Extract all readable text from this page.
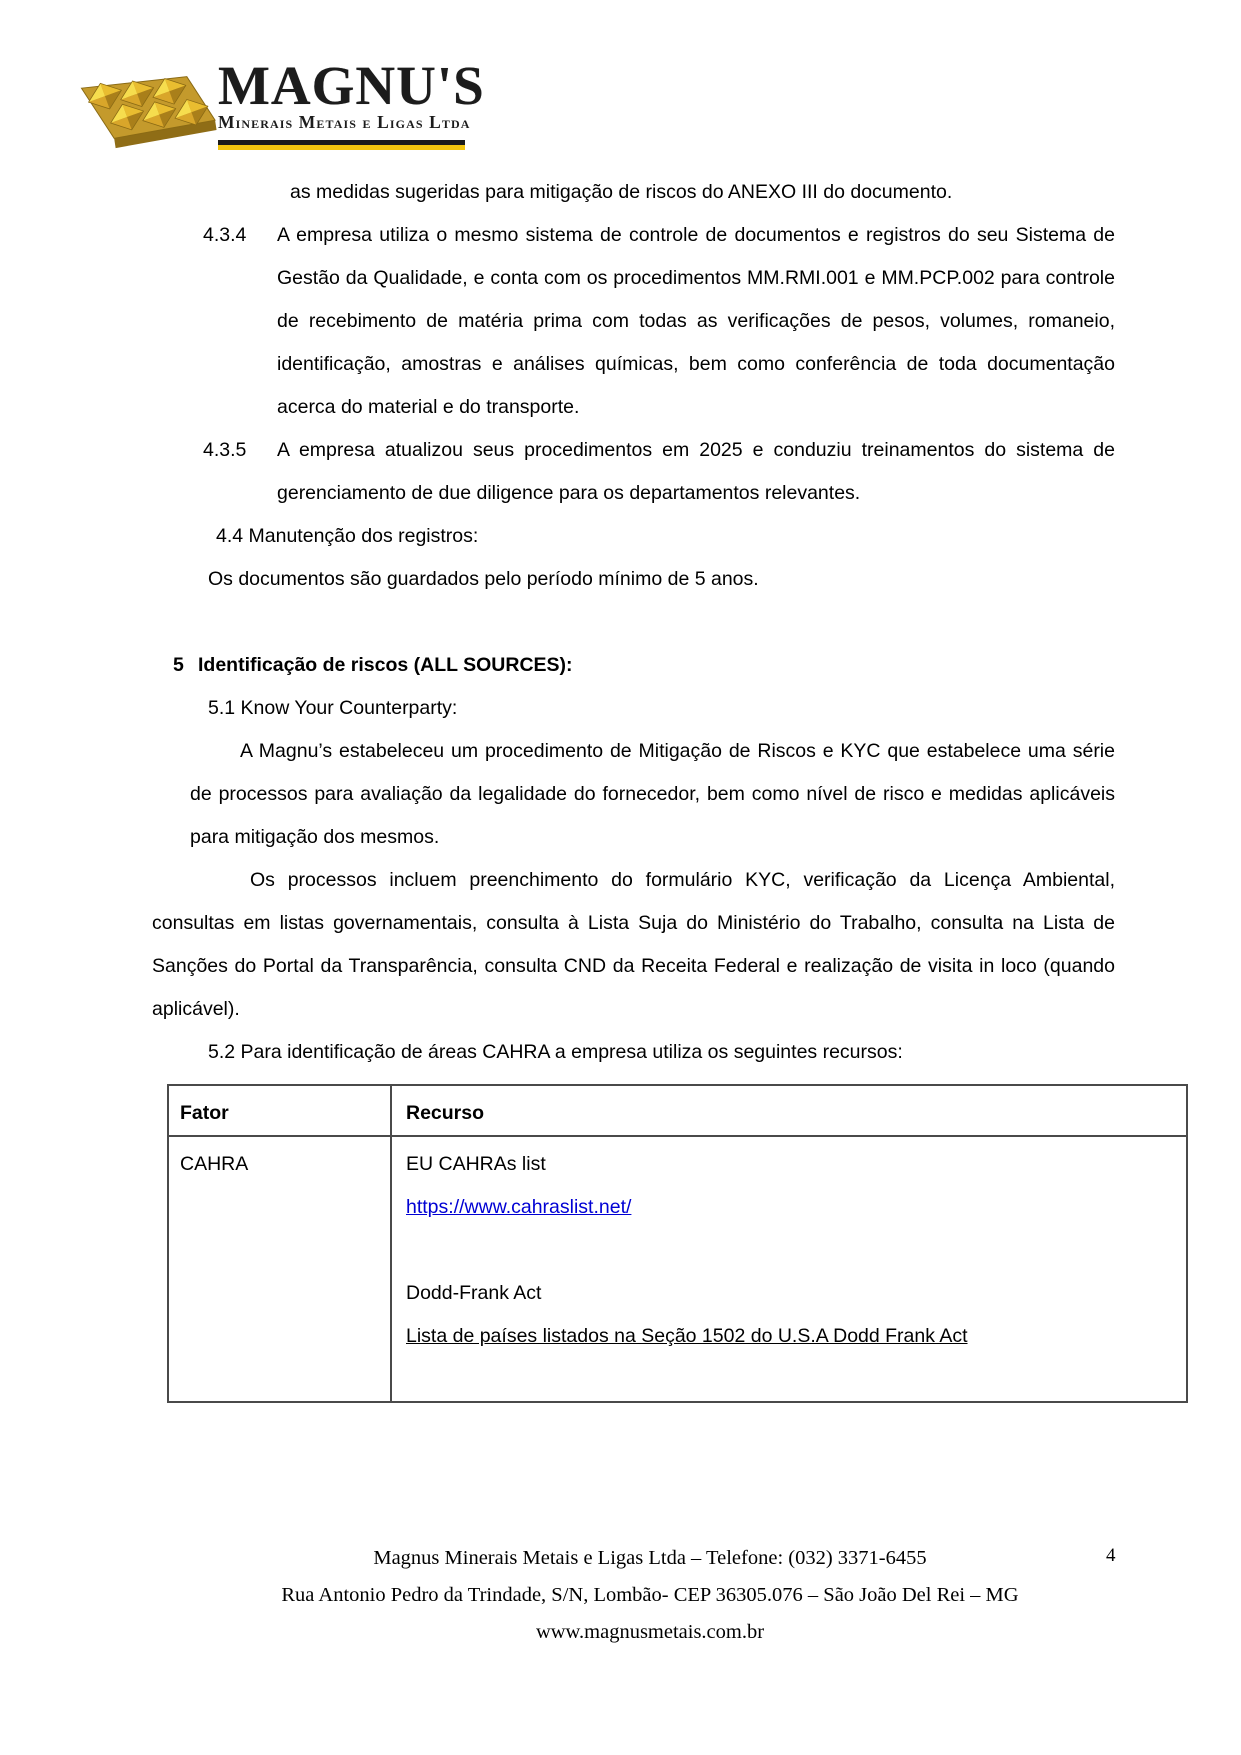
MAGNU'S
Minerais Metais e Ligas Ltda
as medidas sugeridas para mitigação de riscos do ANEXO III do documento.
4.3.4 A empresa utiliza o mesmo sistema de controle de documentos e registros do seu Sistema de Gestão da Qualidade, e conta com os procedimentos MM.RMI.001 e MM.PCP.002 para controle de recebimento de matéria prima com todas as verificações de pesos, volumes, romaneio, identificação, amostras e análises químicas, bem como conferência de toda documentação acerca do material e do transporte.
4.3.5 A empresa atualizou seus procedimentos em 2025 e conduziu treinamentos do sistema de gerenciamento de due diligence para os departamentos relevantes.
4.4 Manutenção dos registros:
Os documentos são guardados pelo período mínimo de 5 anos.
5 Identificação de riscos (ALL SOURCES):
5.1 Know Your Counterparty:
A Magnu’s estabeleceu um procedimento de Mitigação de Riscos e KYC que estabelece uma série de processos para avaliação da legalidade do fornecedor, bem como nível de risco e medidas aplicáveis para mitigação dos mesmos.
Os processos incluem preenchimento do formulário KYC, verificação da Licença Ambiental, consultas em listas governamentais, consulta à Lista Suja do Ministério do Trabalho, consulta na Lista de Sanções do Portal da Transparência, consulta CND da Receita Federal e realização de visita in loco (quando aplicável).
5.2 Para identificação de áreas CAHRA a empresa utiliza os seguintes recursos:
Fator	Recurso
CAHRA	EU CAHRAs list
https://www.cahraslist.net/
Dodd-Frank Act
Lista de países listados na Seção 1502 do U.S.A Dodd Frank Act
Magnus Minerais Metais e Ligas Ltda – Telefone: (032) 3371-6455
Rua Antonio Pedro da Trindade, S/N, Lombão- CEP 36305.076 – São João Del Rei – MG
www.magnusmetais.com.br
4
